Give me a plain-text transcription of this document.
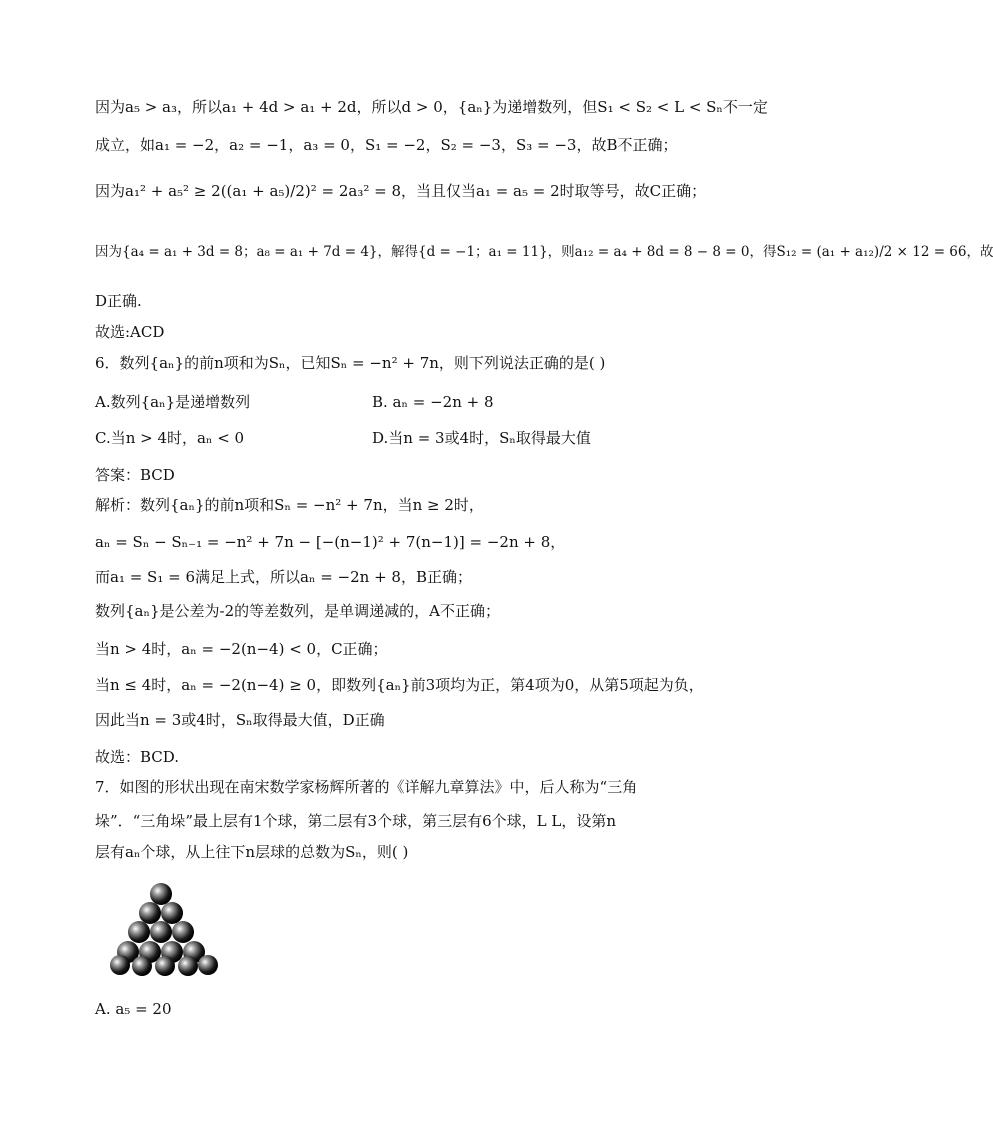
因为a₅ > a₃，所以a₁ + 4d > a₁ + 2d，所以d > 0，{aₙ}为递增数列，但S₁ < S₂ < L < Sₙ不一定
成立，如a₁ = −2，a₂ = −1，a₃ = 0，S₁ = −2，S₂ = −3，S₃ = −3，故B不正确；
因为a₁² + a₅² ≥ 2((a₁ + a₅)/2)² = 2a₃² = 8，当且仅当a₁ = a₅ = 2时取等号，故C正确；
因为{a₄ = a₁ + 3d = 8；a₈ = a₁ + 7d = 4}，解得{d = −1；a₁ = 11}，则a₁₂ = a₄ + 8d = 8 − 8 = 0，得S₁₂ = (a₁ + a₁₂)/2 × 12 = 66，故
D正确.
故选:ACD
6．数列{aₙ}的前n项和为Sₙ，已知Sₙ = −n² + 7n，则下列说法正确的是( )
A.数列{aₙ}是递增数列	B. aₙ = −2n + 8
C.当n > 4时，aₙ < 0	D.当n = 3或4时，Sₙ取得最大值
答案：BCD
解析：数列{aₙ}的前n项和Sₙ = −n² + 7n，当n ≥ 2时，
aₙ = Sₙ − Sₙ₋₁ = −n² + 7n − [−(n−1)² + 7(n−1)] = −2n + 8，
而a₁ = S₁ = 6满足上式，所以aₙ = −2n + 8，B正确；
数列{aₙ}是公差为-2的等差数列，是单调递减的，A不正确；
当n > 4时，aₙ = −2(n−4) < 0，C正确；
当n ≤ 4时，aₙ = −2(n−4) ≥ 0，即数列{aₙ}前3项均为正，第4项为0，从第5项起为负，
因此当n = 3或4时，Sₙ取得最大值，D正确
故选：BCD.
7．如图的形状出现在南宋数学家杨辉所著的《详解九章算法》中，后人称为“三角
垛”．“三角垛”最上层有1个球，第二层有3个球，第三层有6个球，L L，设第n
层有aₙ个球，从上往下n层球的总数为Sₙ，则( )
A. a₅ = 20
